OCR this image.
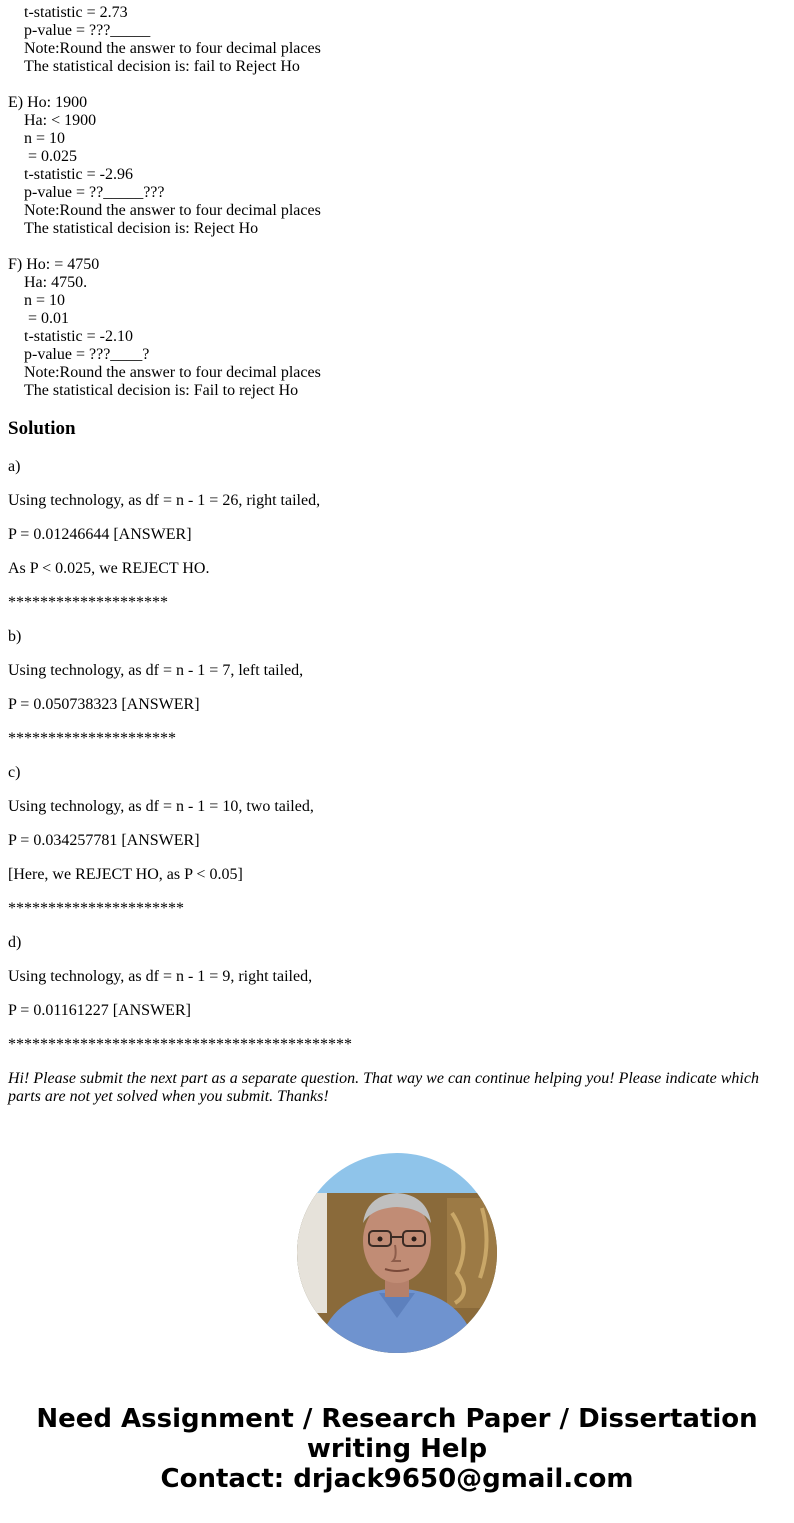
t-statistic = 2.73
p-value = ???_____
Note:Round the answer to four decimal places
The statistical decision is: fail to Reject Ho
E) Ho: 1900
Ha: < 1900
n = 10
= 0.025
t-statistic = -2.96
p-value = ??_____???
Note:Round the answer to four decimal places
The statistical decision is: Reject Ho
F) Ho: = 4750
Ha: 4750.
n = 10
= 0.01
t-statistic = -2.10
p-value = ???____?
Note:Round the answer to four decimal places
The statistical decision is: Fail to reject Ho
Solution

a)

Using technology, as df = n - 1 = 26, right tailed,

P = 0.01246644 [ANSWER]

As P < 0.025, we REJECT HO.

********************

b)

Using technology, as df = n - 1 = 7, left tailed,

P = 0.050738323 [ANSWER]

*********************

c)

Using technology, as df = n - 1 = 10, two tailed,

P = 0.034257781 [ANSWER]

[Here, we REJECT HO, as P < 0.05]

**********************

d)

Using technology, as df = n - 1 = 9, right tailed,

P = 0.01161227 [ANSWER]

*******************************************

Hi! Please submit the next part as a separate question. That way we can continue helping you! Please indicate which parts are not yet solved when you submit. Thanks!

Need Assignment / Research Paper / Dissertation
writing Help
Contact: drjack9650@gmail.com
